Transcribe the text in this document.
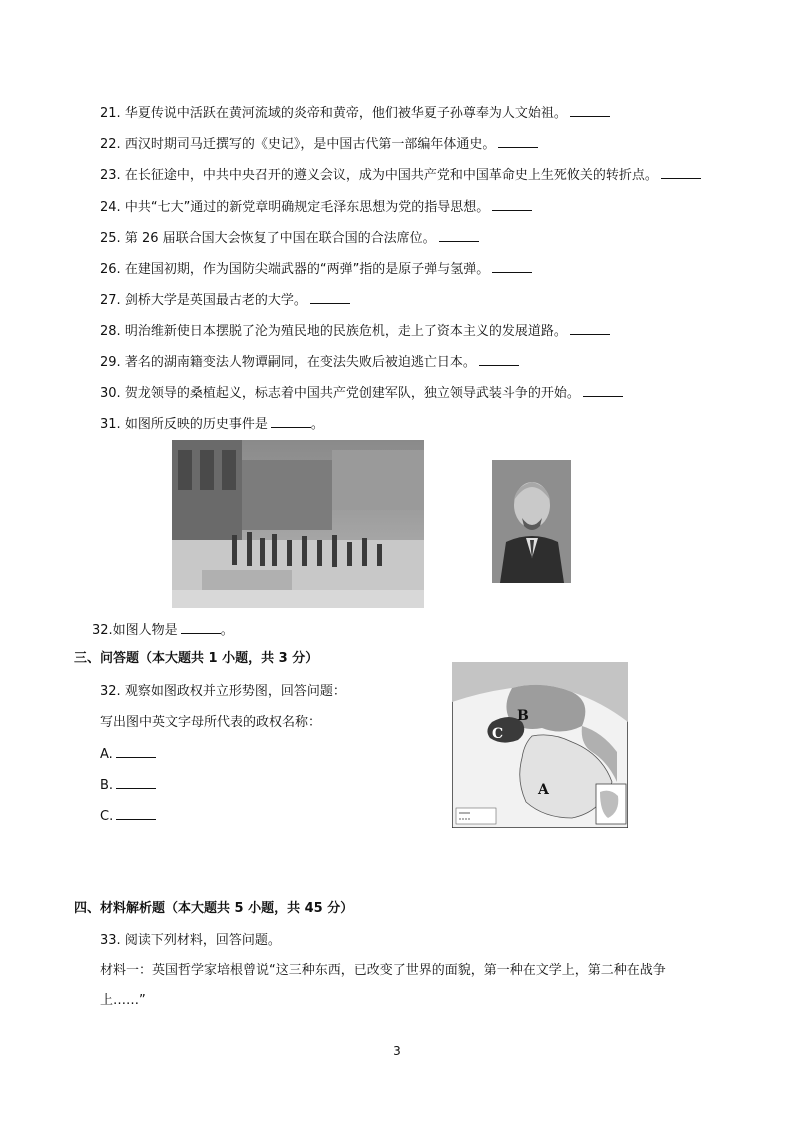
21. 华夏传说中活跃在黄河流域的炎帝和黄帝，他们被华夏子孙尊奉为人文始祖。
22. 西汉时期司马迁撰写的《史记》，是中国古代第一部编年体通史。
23. 在长征途中，中共中央召开的遵义会议，成为中国共产党和中国革命史上生死攸关的转折点。
24. 中共“七大”通过的新党章明确规定毛泽东思想为党的指导思想。
25. 第 26 届联合国大会恢复了中国在联合国的合法席位。
26. 在建国初期，作为国防尖端武器的“两弹”指的是原子弹与氢弹。
27. 剑桥大学是英国最古老的大学。
28. 明治维新使日本摆脱了沦为殖民地的民族危机，走上了资本主义的发展道路。
29. 著名的湖南籍变法人物谭嗣同，在变法失败后被迫逃亡日本。
30. 贺龙领导的桑植起义，标志着中国共产党创建军队，独立领导武装斗争的开始。
31. 如图所反映的历史事件是	。
32.如图人物是	。
三、问答题（本大题共 1 小题，共 3 分）
32. 观察如图政权并立形势图，回答问题：
写出图中英文字母所代表的政权名称：
A.
B.
C.
B
C
A
四、材料解析题（本大题共 5 小题，共 45 分）
33. 阅读下列材料，回答问题。
材料一：英国哲学家培根曾说“这三种东西，已改变了世界的面貌，第一种在文学上，第二种在战争
上……”
3
